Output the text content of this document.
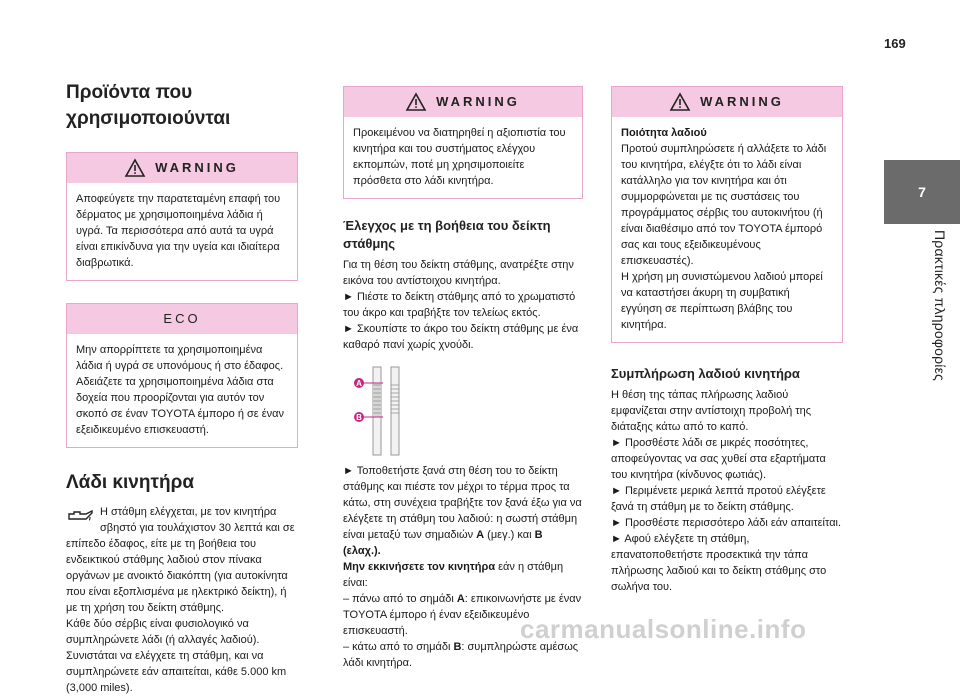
169
Προϊόντα που χρησιμοποιούνται
WARNING

Αποφεύγετε την παρατεταμένη επαφή του δέρματος με χρησιμοποιημένα λάδια ή υγρά. Τα περισσότερα από αυτά τα υγρά είναι επικίνδυνα για την υγεία και ιδιαίτερα διαβρωτικά.

ECO

Μην απορρίπτετε τα χρησιμοποιημένα λάδια ή υγρά σε υπονόμους ή στο έδαφος. Αδειάζετε τα χρησιμοποιημένα λάδια στα δοχεία που προορίζονται για αυτόν τον σκοπό σε έναν TOYOTA έμπορο ή σε έναν εξειδικευμένο επισκευαστή.

Λάδι κινητήρα

Η στάθμη ελέγχεται, με τον κινητήρα σβηστό για τουλάχιστον 30 λεπτά και σε επίπεδο έδαφος, είτε με τη βοήθεια του ενδεικτικού στάθμης λαδιού στον πίνακα οργάνων με ανοικτό διακόπτη (για αυτοκίνητα που είναι εξοπλισμένα με ηλεκτρικό δείκτη), ή με τη χρήση του δείκτη στάθμης.

Κάθε δύο σέρβις είναι φυσιολογικό να συμπληρώνετε λάδι (ή αλλαγές λαδιού). Συνιστάται να ελέγχετε τη στάθμη, και να συμπληρώνετε εάν απαιτείται, κάθε 5.000 km (3,000 miles).

WARNING

Προκειμένου να διατηρηθεί η αξιοπιστία του κινητήρα και του συστήματος ελέγχου εκπομπών, ποτέ μη χρησιμοποιείτε πρόσθετα στο λάδι κινητήρα.

Έλεγχος με τη βοήθεια του δείκτη στάθμης

Για τη θέση του δείκτη στάθμης, ανατρέξτε στην εικόνα του αντίστοιχου κινητήρα.

► Πιέστε το δείκτη στάθμης από το χρωματιστό του άκρο και τραβήξτε τον τελείως εκτός.

► Σκουπίστε το άκρο του δείκτη στάθμης με ένα καθαρό πανί χωρίς χνούδι.

A
B

► Τοποθετήστε ξανά στη θέση του το δείκτη στάθμης και πιέστε τον μέχρι το τέρμα προς τα κάτω, στη συνέχεια τραβήξτε τον ξανά έξω για να ελέγξετε τη στάθμη του λαδιού: η σωστή στάθμη είναι μεταξύ των σημαδιών A (μεγ.) και B (ελαχ.).

Μην εκκινήσετε τον κινητήρα εάν η στάθμη είναι:

– πάνω από το σημάδι A: επικοινωνήστε με έναν TOYOTA έμπορο ή έναν εξειδικευμένο επισκευαστή.

– κάτω από το σημάδι B: συμπληρώστε αμέσως λάδι κινητήρα.

WARNING

Ποιότητα λαδιού

Προτού συμπληρώσετε ή αλλάξετε το λάδι του κινητήρα, ελέγξτε ότι το λάδι είναι κατάλληλο για τον κινητήρα και ότι συμμορφώνεται με τις συστάσεις του προγράμματος σέρβις του αυτοκινήτου (ή είναι διαθέσιμο από τον TOYOTA έμπορό σας και τους εξειδικευμένους επισκευαστές).

Η χρήση μη συνιστώμενου λαδιού μπορεί να καταστήσει άκυρη τη συμβατική εγγύηση σε περίπτωση βλάβης του κινητήρα.

Συμπλήρωση λαδιού κινητήρα

Η θέση της τάπας πλήρωσης λαδιού εμφανίζεται στην αντίστοιχη προβολή της διάταξης κάτω από το καπό.

► Προσθέστε λάδι σε μικρές ποσότητες, αποφεύγοντας να σας χυθεί στα εξαρτήματα του κινητήρα (κίνδυνος φωτιάς).

► Περιμένετε μερικά λεπτά προτού ελέγξετε ξανά τη στάθμη με το δείκτη στάθμης.

► Προσθέστε περισσότερο λάδι εάν απαιτείται.

► Αφού ελέγξετε τη στάθμη, επανατοποθετήστε προσεκτικά την τάπα πλήρωσης λαδιού και το δείκτη στάθμης στο σωλήνα του.

7
Πρακτικές πληροφορίες
carmanualsonline.info
